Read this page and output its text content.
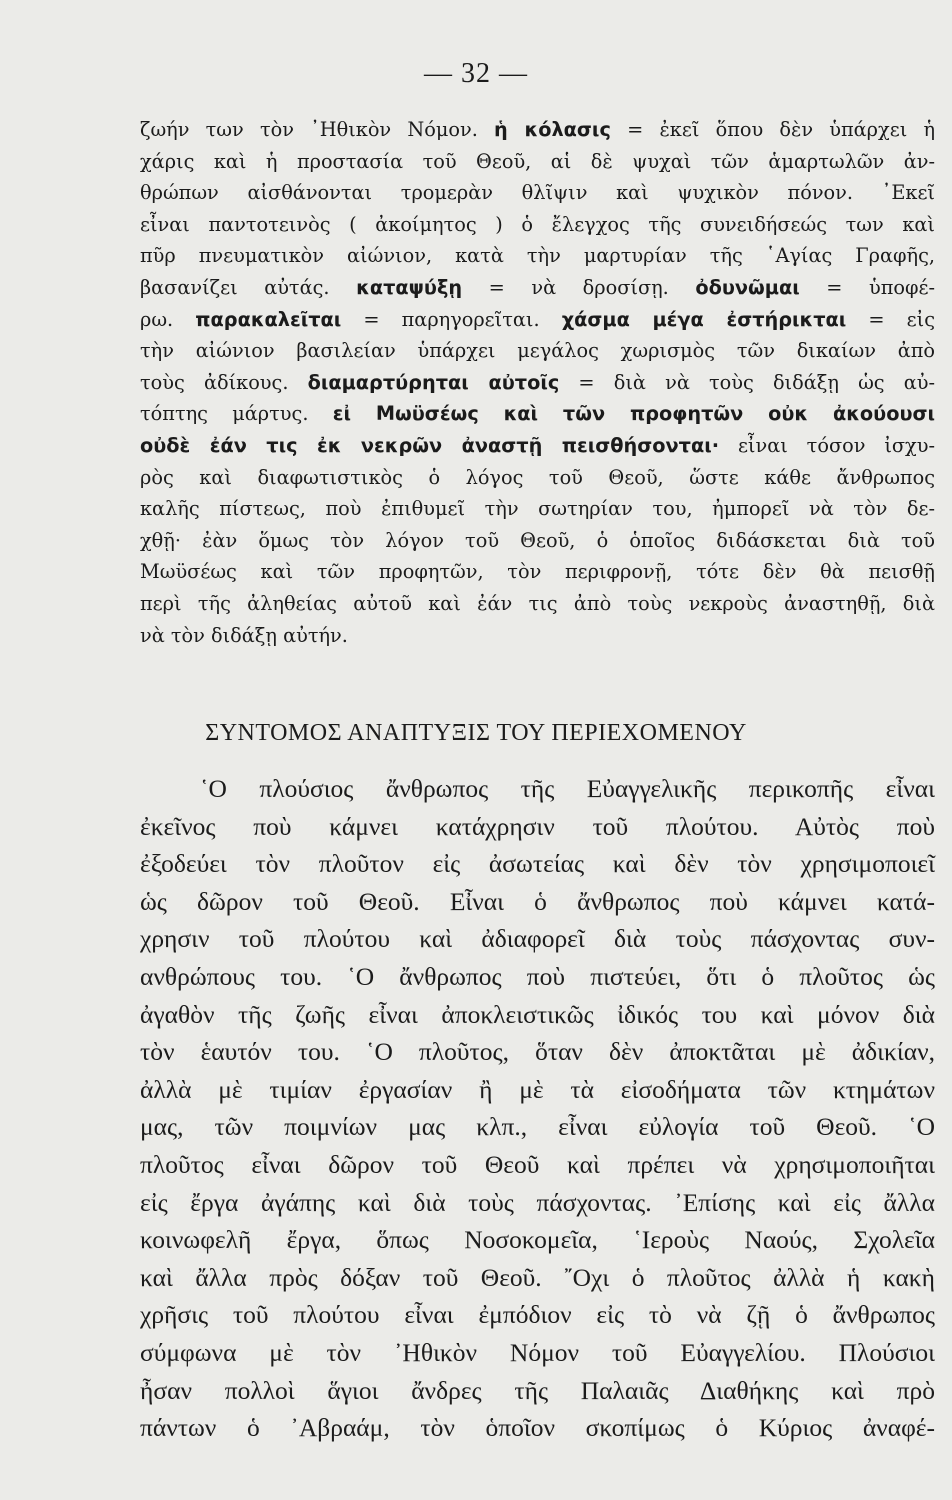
— 32 —
ζωήν των τὸν ᾿Ηθικὸν Νόμον. ἡ κόλασις = ἐκεῖ ὅπου δὲν ὑπάρχει ἡ
χάρις καὶ ἡ προστασία τοῦ Θεοῦ, αἱ δὲ ψυχαὶ τῶν ἁμαρτωλῶν ἀν-
θρώπων αἰσθάνονται τρομερὰν θλῖψιν καὶ ψυχικὸν πόνον. ᾿Εκεῖ
εἶναι παντοτεινὸς ( ἀκοίμητος ) ὁ ἔλεγχος τῆς συνειδήσεώς των καὶ
πῦρ πνευματικὸν αἰώνιον, κατὰ τὴν μαρτυρίαν τῆς ῾Αγίας Γραφῆς,
βασανίζει αὐτάς. καταψύξῃ = νὰ δροσίσῃ. ὀδυνῶμαι = ὑποφέ-
ρω. παρακαλεῖται = παρηγορεῖται. χάσμα μέγα ἐστήρικται = εἰς
τὴν αἰώνιον βασιλείαν ὑπάρχει μεγάλος χωρισμὸς τῶν δικαίων ἀπὸ
τοὺς ἀδίκους. διαμαρτύρηται αὐτοῖς = διὰ νὰ τοὺς διδάξῃ ὡς αὐ-
τόπτης μάρτυς. εἰ Μωϋσέως καὶ τῶν προφητῶν οὐκ ἀκούουσι
οὐδὲ ἐάν τις ἐκ νεκρῶν ἀναστῇ πεισθήσονται· εἶναι τόσον ἰσχυ-
ρὸς καὶ διαφωτιστικὸς ὁ λόγος τοῦ Θεοῦ, ὥστε κάθε ἄνθρωπος
καλῆς πίστεως, ποὺ ἐπιθυμεῖ τὴν σωτηρίαν του, ἠμπορεῖ νὰ τὸν δε-
χθῇ· ἐὰν ὅμως τὸν λόγον τοῦ Θεοῦ, ὁ ὁποῖος διδάσκεται διὰ τοῦ
Μωϋσέως καὶ τῶν προφητῶν, τὸν περιφρονῇ, τότε δὲν θὰ πεισθῇ
περὶ τῆς ἀληθείας αὐτοῦ καὶ ἐάν τις ἀπὸ τοὺς νεκροὺς ἀναστηθῇ, διὰ
νὰ τὸν διδάξῃ αὐτήν.
ΣΥΝΤΟΜΟΣ ΑΝΑΠΤΥΞΙΣ ΤΟΥ ΠΕΡΙΕΧΟΜΕΝΟΥ
῾Ο πλούσιος ἄνθρωπος τῆς Εὐαγγελικῆς περικοπῆς εἶναι
ἐκεῖνος ποὺ κάμνει κατάχρησιν τοῦ πλούτου. Αὐτὸς ποὺ
ἐξοδεύει τὸν πλοῦτον εἰς ἀσωτείας καὶ δὲν τὸν χρησιμοποιεῖ
ὡς δῶρον τοῦ Θεοῦ. Εἶναι ὁ ἄνθρωπος ποὺ κάμνει κατά-
χρησιν τοῦ πλούτου καὶ ἀδιαφορεῖ διὰ τοὺς πάσχοντας συν-
ανθρώπους του. ῾Ο ἄνθρωπος ποὺ πιστεύει, ὅτι ὁ πλοῦτος ὡς
ἀγαθὸν τῆς ζωῆς εἶναι ἀποκλειστικῶς ἰδικός του καὶ μόνον διὰ
τὸν ἑαυτόν του. ῾Ο πλοῦτος, ὅταν δὲν ἀποκτᾶται μὲ ἀδικίαν,
ἀλλὰ μὲ τιμίαν ἐργασίαν ἢ μὲ τὰ εἰσοδήματα τῶν κτημάτων
μας, τῶν ποιμνίων μας κλπ., εἶναι εὐλογία τοῦ Θεοῦ. ῾Ο
πλοῦτος εἶναι δῶρον τοῦ Θεοῦ καὶ πρέπει νὰ χρησιμοποιῆται
εἰς ἔργα ἀγάπης καὶ διὰ τοὺς πάσχοντας. ᾿Επίσης καὶ εἰς ἄλλα
κοινωφελῆ ἔργα, ὅπως Νοσοκομεῖα, ῾Ιεροὺς Ναούς, Σχολεῖα
καὶ ἄλλα πρὸς δόξαν τοῦ Θεοῦ. ῎Οχι ὁ πλοῦτος ἀλλὰ ἡ κακὴ
χρῆσις τοῦ πλούτου εἶναι ἐμπόδιον εἰς τὸ νὰ ζῇ ὁ ἄνθρωπος
σύμφωνα μὲ τὸν ᾿Ηθικὸν Νόμον τοῦ Εὐαγγελίου. Πλούσιοι
ἦσαν πολλοὶ ἅγιοι ἄνδρες τῆς Παλαιᾶς Διαθήκης καὶ πρὸ
πάντων ὁ ᾿Αβραάμ, τὸν ὁποῖον σκοπίμως ὁ Κύριος ἀναφέ-
